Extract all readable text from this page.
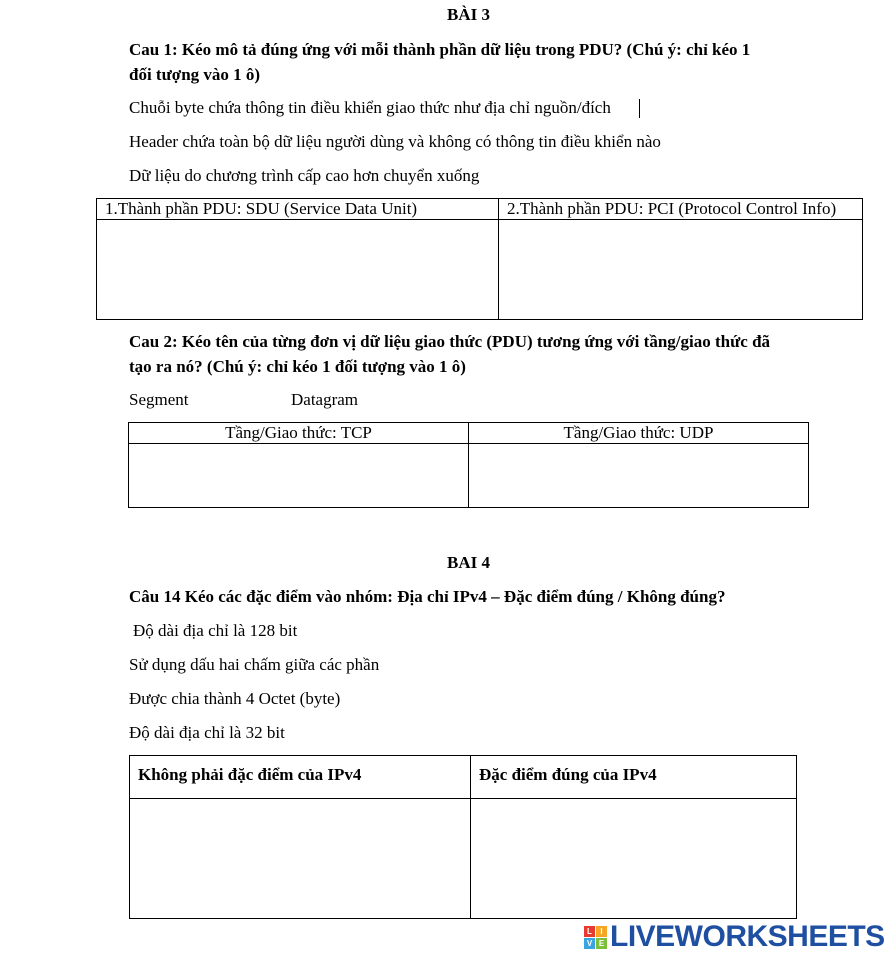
BÀI 3
Cau 1: Kéo mô tả đúng ứng với mỗi thành phần dữ liệu trong PDU? (Chú ý: chỉ kéo 1
đối tượng vào 1 ô)
Chuỗi byte chứa thông tin điều khiển giao thức như địa chỉ nguồn/đích
Header chứa toàn bộ dữ liệu người dùng và không có thông tin điều khiển nào
Dữ liệu do chương trình cấp cao hơn chuyển xuống
1.Thành phần PDU: SDU (Service Data Unit)	2.Thành phần PDU: PCI (Protocol Control Info)

Cau 2: Kéo tên của từng đơn vị dữ liệu giao thức (PDU) tương ứng với tầng/giao thức đã
tạo ra nó? (Chú ý: chỉ kéo 1 đối tượng vào 1 ô)
Segment	Datagram
Tầng/Giao thức: TCP	Tầng/Giao thức: UDP

BAI 4
Câu 14 Kéo các đặc điểm vào nhóm: Địa chỉ IPv4 – Đặc điểm đúng / Không đúng?
Độ dài địa chỉ là 128 bit
Sử dụng dấu hai chấm giữa các phần
Được chia thành 4 Octet (byte)
Độ dài địa chỉ là 32 bit
Không phải đặc điểm của IPv4	Đặc điểm đúng của IPv4

L	I
V E LIVEWORKSHEETS
